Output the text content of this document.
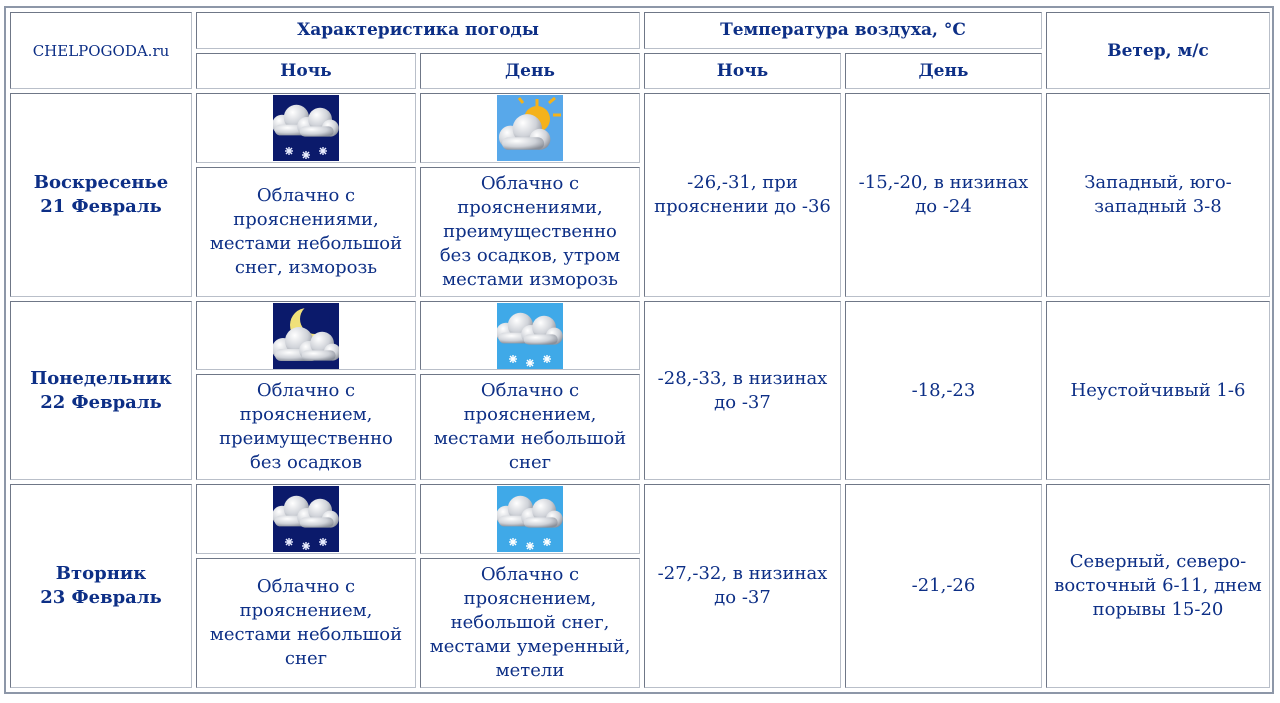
CHELPOGODA.ru	Характеристика погоды		Температура воздуха, °С		Ветер, м/с
	Ночь	День	Ночь	День	

Воскресенье
21 Февраль			-26,-31, при прояснении до -36	-15,-20, в низинах до -24	Западный, юго-западный 3-8
	Облачно с прояснениями, местами небольшой снег, изморозь	Облачно с прояснениями, преимущественно без осадков, утром местами изморозь			

Понедельник
22 Февраль			-28,-33, в низинах до -37	-18,-23	Неустойчивый 1-6
	Облачно с прояснением, преимущественно без осадков	Облачно с прояснением, местами небольшой снег			

Вторник
23 Февраль			-27,-32, в низинах до -37	-21,-26	Северный, северо-восточный 6-11, днем порывы 15-20
	Облачно с прояснением, местами небольшой снег	Облачно с прояснением, небольшой снег, местами умеренный, метели			
